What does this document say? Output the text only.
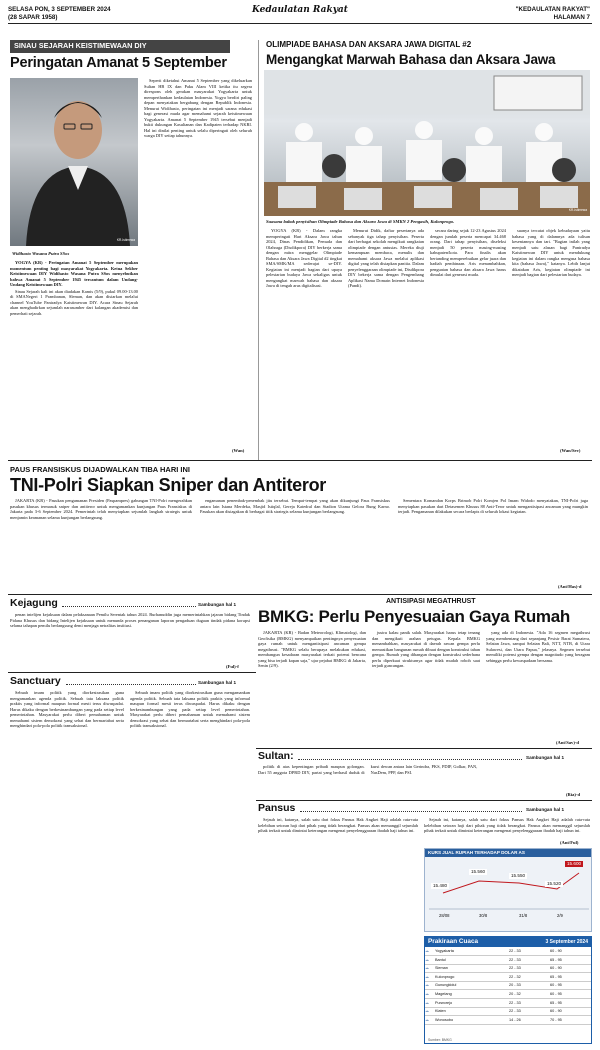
SELASA PON, 3 SEPTEMBER 2024
(28 SAPAR 1958)
Kedaulatan Rakyat	"KEDAULATAN RAKYAT"
HALAMAN 7
SINAU SEJARAH KEISTIMEWAAN DIY
Peringatan Amanat 5 September
KR-Istimewa
Widihasto Wasana Putra SSos

YOGYA (KR) - Peringatan Amanat 5 September merupakan momentum penting bagi masyarakat Yogyakarta. Ketua Sekber Keistimewaan DIY Widihasto Wasana Putra SSos menyebutkan bahwa Amanat 5 September 1945 tercantum dalam Undang-Undang Keistimewaan DIY.

Sinau Sejarah kali ini akan diadakan Kamis (5/9), pukul 09.00-13.00 di SMANegeri 1 Prambanan, Sleman, dan akan disiarkan melalui channel YouTube Paniradya Kaistimewan DIY. Acara Sinau Sejarah akan menghadirkan sejumlah narasumber dari kalangan akademisi dan pemerhati sejarah.

Seperti diketahui Amanat 5 September yang dikeluarkan Sultan HB IX dan Paku Alam VIII ketika itu segera direspons oleh gerakan masyarakat Yogyakarta untuk memperthankan kedaulatan Indonesia. Yogya berdiri paling depan menyatakan bergabung dengan Republik Indonesia. Menurut Widihasto, peringatan ini menjadi sarana edukasi bagi generasi muda agar memahami sejarah keistimewaan Yogyakarta. Amanat 5 September 1945 tersebut menjadi bukti dukungan Kasultanan dan Kadipaten terhadap NKRI. Hal ini dinilai penting untuk selalu diperingati oleh seluruh warga DIY setiap tahunnya.

(Wan)
OLIMPIADE BAHASA DAN AKSARA JAWA DIGITAL #2
Mengangkat Marwah Bahasa dan Aksara Jawa
KR-Istimewa
Suasana babak penyisihan Olimpiade Bahasa dan Aksara Jawa di SMKN 2 Pengasih, Kulonprogo.

YOGYA (KR) - Dalam rangka memperingati Hari Aksara Jawa tahun 2024, Dinas Pendidikan, Pemuda dan Olahraga (Disdikpora) DIY berkerja sama dengan mitra menggelar Olimpiade Bahasa dan Aksara Jawa Digital #2 tingkat SMA/SMK/MA sederajat se-DIY. Kegiatan ini menjadi bagian dari upaya pelestarian budaya Jawa sekaligus untuk mengangkat marwah bahasa dan aksara Jawa di tengah arus digitalisasi.

Menurut Didik, daftar pesertanya ada sebanyak tiga tahap penyisihan. Peserta dari berbagai sekolah mengikuti rangkaian olimpiade dengan antusias. Mereka diuji kemampuan membaca, menulis dan memahami aksara Jawa melalui aplikasi digital yang telah disiapkan panitia. Dalam penyelenggaraan olimpiade ini, Disdikpora DIY bekerja sama dengan Pengembang Aplikasi Nama Domain Internet Indonesia (Pandi).

secara daring sejak 12-23 Agustus 2024 dengan jumlah peserta mencapai 34.468 orang. Dari tahap penyisihan, diseleksi menjadi 50 peserta masing-masing kabupaten/kota. Para finalis akan bertanding memperebutkan gelar juara dan hadiah pembinaan. Aris menambahkan, penguatan bahasa dan aksara Jawa harus dimulai dari generasi muda.

suanya tercatat objek kebudayaan yaitu bahasa yang di dalamnya ada tulisan keseniannya dan tari. "Bagian inilah yang menjadi satu alasan bagi Paniradya Kaistimewan DIY untuk mendukung kegiatan ini dalam rangka mengasa bahasa kita (bahasa Jawa)," katanya. Lebih lanjut dikatakan Aris, kegiatan olimpiade ini menjadi bagian dari pelestarian budaya.

(Wan/Sev)
PAUS FRANSISKUS DIJADWALKAN TIBA HARI INI
TNI-Polri Siapkan Sniper dan Antiteror

JAKARTA (KR) - Pasukan pengamanan Presiden (Paspampres) gabungan TNI-Polri mengerahkan pasukan khusus termasuk sniper dan antiteror untuk mengamankan kunjungan Paus Fransiskus di Jakarta pada 3-6 September 2024. Pemerintah telah menyiapkan sejumlah langkah strategis untuk menjamin keamanan selama kunjungan berlangsung.

engamanan penembak-penembak jitu tersebut. Tempat-tempat yang akan dikunjungi Paus Fransiskus antara lain Istana Merdeka, Masjid Istiqlal, Gereja Katedral dan Stadion Utama Gelora Bung Karno. Pasukan akan disiagakan di berbagai titik strategis selama kunjungan berlangsung.

Sementara Komandan Korps Brimob Polri Komjen Pol Imam Widodo menyatakan, TNI-Polri juga menyiapkan pasukan dari Detasemen Khusus 88 Anti-Teror untuk mengantisipasi ancaman yang mungkin terjadi. Pengamanan dilakukan secara berlapis di seluruh lokasi kegiatan.

(Ant/Has)-d
Kejagung	Sambungan hal 1

penan intelijen kejaksaan dalam pelaksanaan Pemilu Serentak tahun 2024. Burhanuddin juga memerintahkan jajaran bidang Tindak Pidana Khusus dan bidang Intelijen kejaksaan untuk menunda proses penanganan laporan pengaduan dugaan tindak pidana korupsi selama tahapan pemilu berlangsung demi menjaga netralitas institusi.

(Ful)-f
Sanctuary	Sambungan hal 1

Sebuah imam politik yang diorkestrasikan guna mengamankan agenda politik. Sebuah tata laksana politik praktis yang informal maupun formal mesti terus diwaspadai. Harus dikaku dengan berkesinambungan yang pada setiap level pemerintahan. Masyarakat perlu diberi pemahaman untuk memahami sistem demokrasi yang sehat dan bermartabat serta menghindari pola-pola politik transaksional.

Sebuah imam politik yang diorkestrasikan guna mengamankan agenda politik. Sebuah tata laksana politik praktis yang informal maupun formal mesti terus diwaspadai. Harus dikaku dengan berkesinambungan yang pada setiap level pemerintahan. Masyarakat perlu diberi pemahaman untuk memahami sistem demokrasi yang sehat dan bermartabat serta menghindari pola-pola politik transaksional.

ANTISIPASI MEGATHRUST
BMKG: Perlu Penyesuaian Gaya Rumah

JAKARTA (KR) - Badan Meteorologi, Klimatologi, dan Geofisika (BMKG) menyampaikan pentingnya penyesuaian gaya rumah untuk mengantisipasi ancaman gempa megathrust. "BMKG selalu berupaya melakukan edukasi, membangun kesadaran masyarakat terkait potensi bencana yang bisa terjadi kapan saja," ujar pejabat BMKG di Jakarta, Senin (2/9).

justru kalau panik salah. Masyarakat harus tetap tenang dan mengikuti arahan petugas. Kepala BMKG menambahkan, masyarakat di daerah rawan gempa perlu memastikan bangunan rumah dibuat dengan konstruksi tahan gempa. Rumah yang dibangun dengan konstruksi sederhana perlu diperkuat strukturnya agar tidak mudah roboh saat terjadi guncangan.

yang ada di Indonesia. "Ada 16 segmen megathrust yang membentang dari sepanjang Pesisir Barat Sumatera, Selatan Jawa, sampai Selatan Bali, NTT, NTB, di Utara Sulawesi, dan Utara Papua," jelasnya. Segmen tersebut memiliki potensi gempa dengan magnitudo yang beragam sehingga perlu kewaspadaan bersama.

(Ant/Sav)-d
Sultan:	Sambungan hal 1

politik di atas kepentingan pribadi maupun golongan. Dari 55 anggota DPRD DIY, partai yang berhasil duduk di kursi dewan antara lain Gerindra, PKS, PDIP, Golkar, PAN, NasDem, PPP, dan PSI.

(Ria)-d
Pansus	Sambungan hal 1

Sejauh ini, katanya, salah satu dari fokus Pansus Hak Angket Haji adalah rata-rata kelebihan setoran haji dari pihak yang tidak berangkat. Pansus akan memanggil sejumlah pihak terkait untuk dimintai keterangan mengenai penyelenggaraan ibadah haji tahun ini.

Sejauh ini, katanya, salah satu dari fokus Pansus Hak Angket Haji adalah rata-rata kelebihan setoran haji dari pihak yang tidak berangkat. Pansus akan memanggil sejumlah pihak terkait untuk dimintai keterangan mengenai penyelenggaraan ibadah haji tahun ini.

(Ant/Ful)
KURS JUAL RUPIAH TERHADAP DOLAR AS
15.480
15.560
15.550
15.520
15.600
28/08	30/8	31/8	2/9
Prakiraan Cuaca	3 September 2024
☁	Yogyakarta	22 - 33	60 - 90
☁	Bantul	22 - 33	65 - 95
☁	Sleman	22 - 33	60 - 90
☁	Kulonprogo	22 - 32	65 - 95
☁	Gunungkidul	20 - 33	60 - 95
☁	Magelang	20 - 32	60 - 95
☁	Purworejo	22 - 33	65 - 95
☁	Klaten	22 - 33	60 - 90
☁	Wonosobo	14 - 26	70 - 95
Sumber: BMKG
